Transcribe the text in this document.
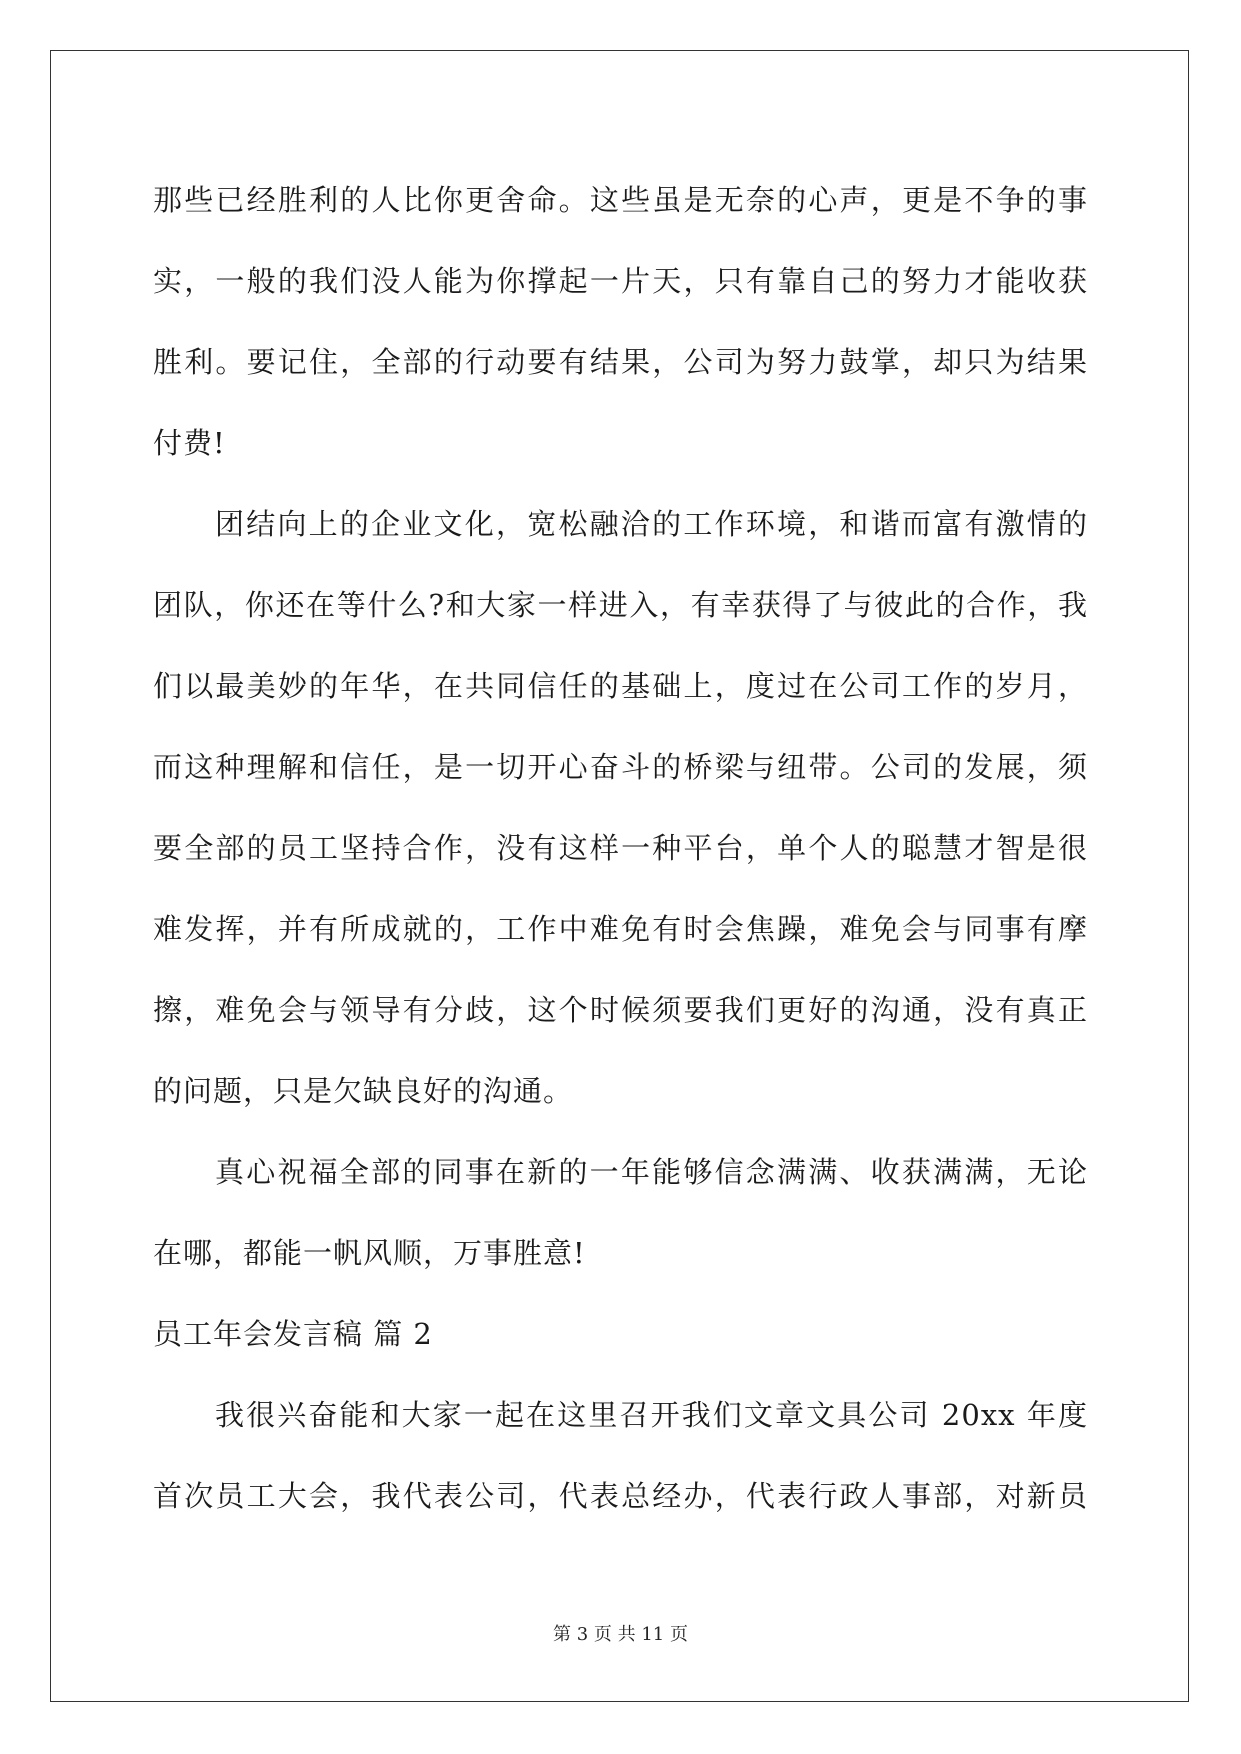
那些已经胜利的人比你更舍命。这些虽是无奈的心声，更是不争的事
实，一般的我们没人能为你撑起一片天，只有靠自己的努力才能收获
胜利。要记住，全部的行动要有结果，公司为努力鼓掌，却只为结果
付费!
团结向上的企业文化，宽松融洽的工作环境，和谐而富有激情的
团队，你还在等什么?和大家一样进入，有幸获得了与彼此的合作，我
们以最美妙的年华，在共同信任的基础上，度过在公司工作的岁月，
而这种理解和信任，是一切开心奋斗的桥梁与纽带。公司的发展，须
要全部的员工坚持合作，没有这样一种平台，单个人的聪慧才智是很
难发挥，并有所成就的，工作中难免有时会焦躁，难免会与同事有摩
擦，难免会与领导有分歧，这个时候须要我们更好的沟通，没有真正
的问题，只是欠缺良好的沟通。
真心祝福全部的同事在新的一年能够信念满满、收获满满，无论
在哪，都能一帆风顺，万事胜意!
员工年会发言稿 篇 2
我很兴奋能和大家一起在这里召开我们文章文具公司 20xx 年度
首次员工大会，我代表公司，代表总经办，代表行政人事部，对新员
第 3 页 共 11 页
